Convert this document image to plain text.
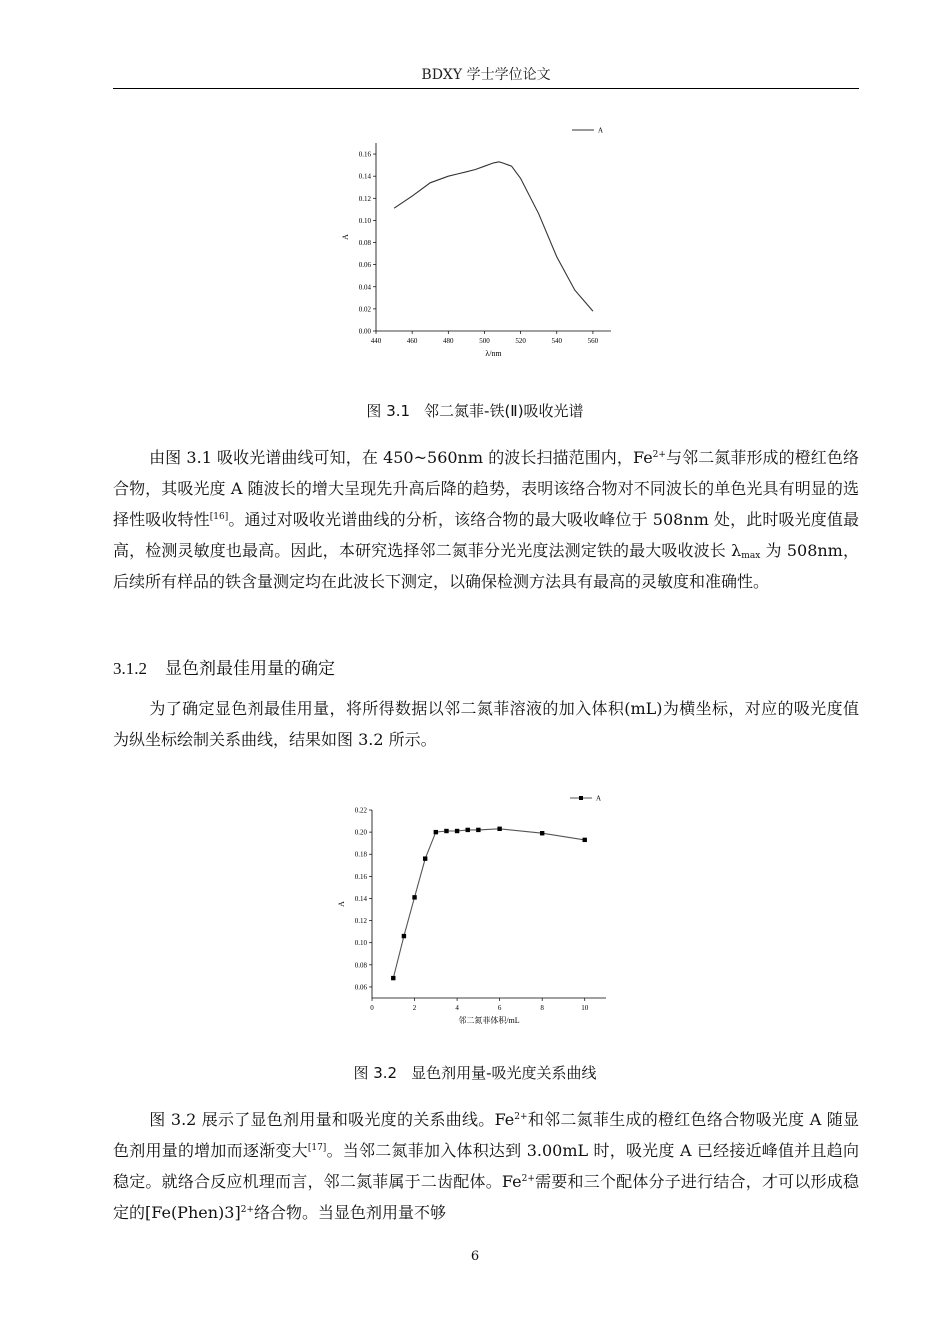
BDXY 学士学位论文
440	460	480	500	520	540	560
0.00
0.02
0.04
0.06
0.08
0.10
0.12
0.14
0.16
λ/nm
A
A
图 3.1 邻二氮菲-铁(Ⅱ)吸收光谱

由图 3.1 吸收光谱曲线可知，在 450~560nm 的波长扫描范围内，$Fe^{2+}$与邻二氮菲形成的橙红色络合物，其吸光度 A 随波长的增大呈现先升高后降的趋势，表明该络合物对不同波长的单色光具有明显的选择性吸收特性[16]。通过对吸收光谱曲线的分析，该络合物的最大吸收峰位于 508nm 处，此时吸光度值最高，检测灵敏度也最高。因此，本研究选择邻二氮菲分光光度法测定铁的最大吸收波长 $\lambda_{max}$ 为 508nm，后续所有样品的铁含量测定均在此波长下测定，以确保检测方法具有最高的灵敏度和准确性。

3.1.2 显色剂最佳用量的确定

为了确定显色剂最佳用量，将所得数据以邻二氮菲溶液的加入体积(mL)为横坐标，对应的吸光度值为纵坐标绘制关系曲线，结果如图 3.2 所示。

0	2	4	6	8	10
0.06
0.08
0.10
0.12
0.14
0.16
0.18
0.20
0.22
邻二氮菲体积/mL
A
A
图 3.2 显色剂用量-吸光度关系曲线

图 3.2 展示了显色剂用量和吸光度的关系曲线。$Fe^{2+}$和邻二氮菲生成的橙红色络合物吸光度 A 随显色剂用量的增加而逐渐变大[17]。当邻二氮菲加入体积达到 3.00mL 时，吸光度 A 已经接近峰值并且趋向稳定。就络合反应机理而言，邻二氮菲属于二齿配体。$Fe^{2+}$需要和三个配体分子进行结合，才可以形成稳定的[Fe(Phen)3]$^{2+}$络合物。当显色剂用量不够

6
